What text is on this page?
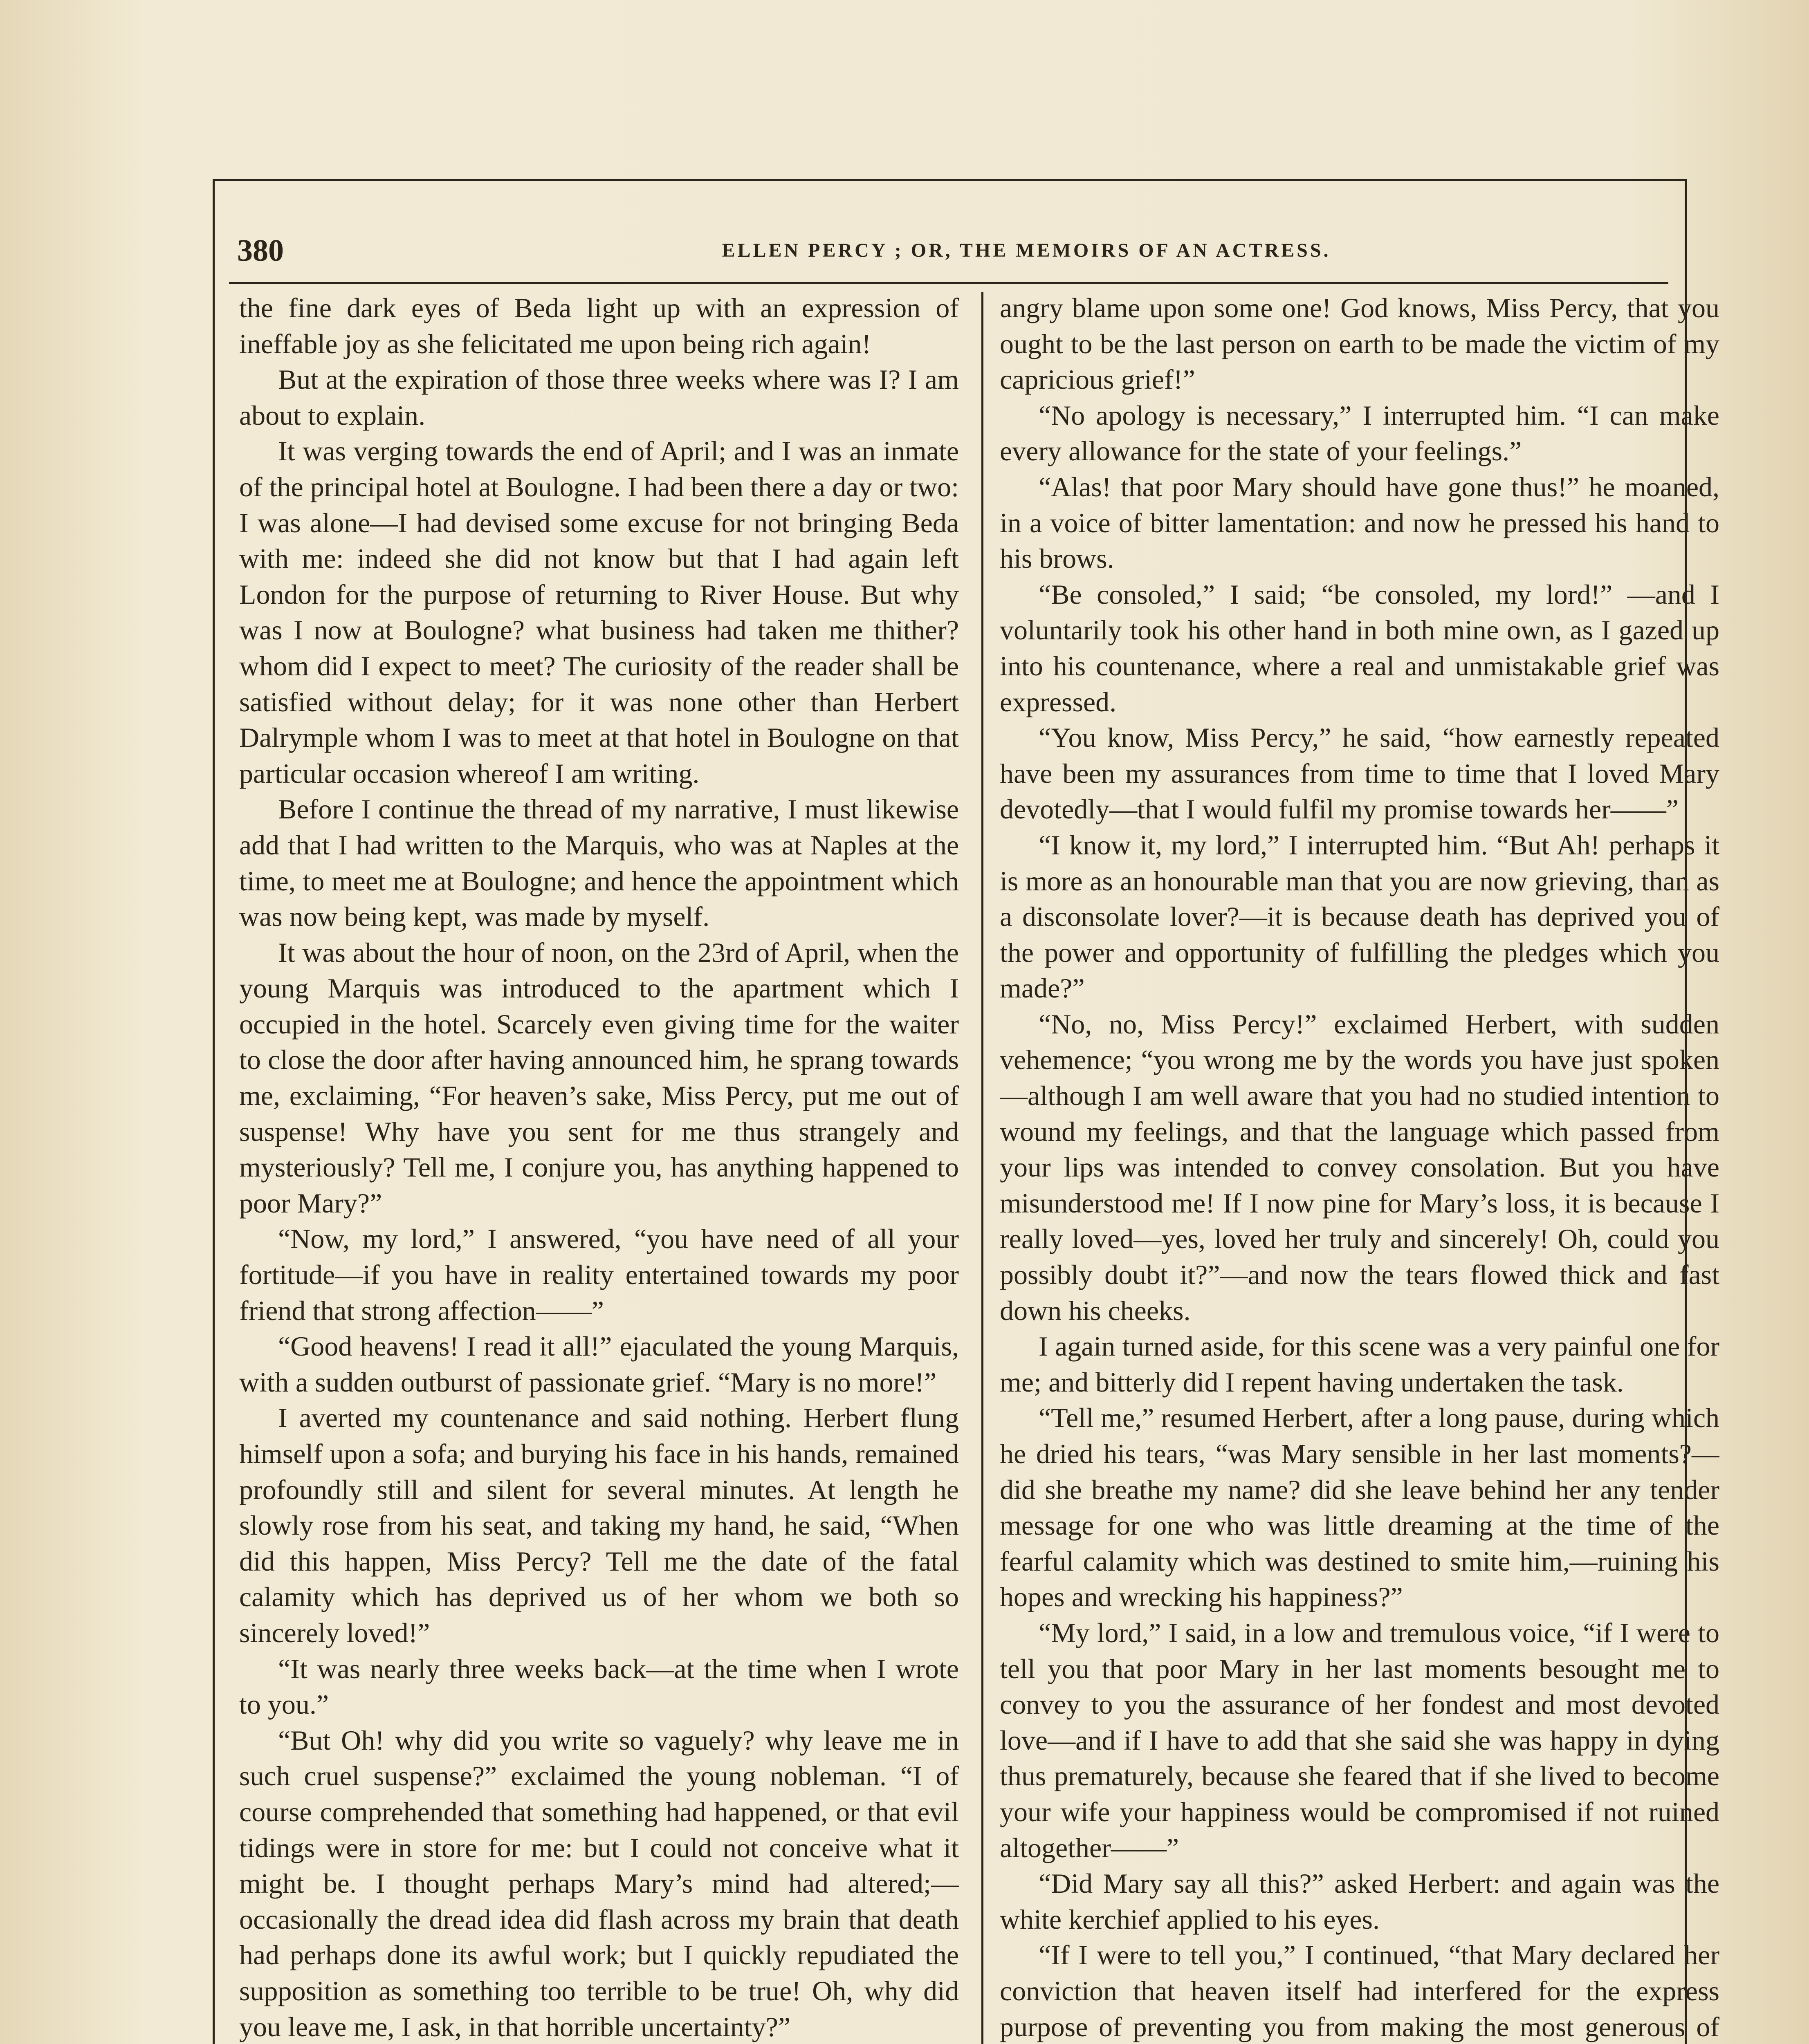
380	ELLEN PERCY ; OR, THE MEMOIRS OF AN ACTRESS.

the fine dark eyes of Beda light up with an expression of ineffable joy as she felicitated me upon being rich again!

But at the expiration of those three weeks where was I? I am about to explain.

It was verging towards the end of April; and I was an inmate of the principal hotel at Boulogne. I had been there a day or two: I was alone—I had devised some excuse for not bringing Beda with me: indeed she did not know but that I had again left London for the purpose of returning to River House. But why was I now at Boulogne? what business had taken me thither? whom did I expect to meet? The curiosity of the reader shall be satisfied without delay; for it was none other than Herbert Dalrymple whom I was to meet at that hotel in Boulogne on that particular occasion whereof I am writing.

Before I continue the thread of my narrative, I must likewise add that I had written to the Marquis, who was at Naples at the time, to meet me at Boulogne; and hence the appointment which was now being kept, was made by myself.

It was about the hour of noon, on the 23rd of April, when the young Marquis was introduced to the apartment which I occupied in the hotel. Scarcely even giving time for the waiter to close the door after having announced him, he sprang towards me, exclaiming, “For heaven’s sake, Miss Percy, put me out of suspense! Why have you sent for me thus strangely and mysteriously? Tell me, I conjure you, has anything happened to poor Mary?”

“Now, my lord,” I answered, “you have need of all your fortitude—if you have in reality entertained towards my poor friend that strong affection——”

“Good heavens! I read it all!” ejaculated the young Marquis, with a sudden outburst of passionate grief. “Mary is no more!”

I averted my countenance and said nothing. Herbert flung himself upon a sofa; and burying his face in his hands, remained profoundly still and silent for several minutes. At length he slowly rose from his seat, and taking my hand, he said, “When did this happen, Miss Percy? Tell me the date of the fatal calamity which has deprived us of her whom we both so sincerely loved!”

“It was nearly three weeks back—at the time when I wrote to you.”

“But Oh! why did you write so vaguely? why leave me in such cruel suspense?” exclaimed the young nobleman. “I of course comprehended that something had happened, or that evil tidings were in store for me: but I could not conceive what it might be. I thought perhaps Mary’s mind had altered;—occasionally the dread idea did flash across my brain that death had perhaps done its awful work; but I quickly repudiated the supposition as something too terrible to be true! Oh, why did you leave me, I ask, in that horrible uncertainty?”

angry blame upon some one! God knows, Miss Percy, that you ought to be the last person on earth to be made the victim of my capricious grief!”

“No apology is necessary,” I interrupted him. “I can make every allowance for the state of your feelings.”

“Alas! that poor Mary should have gone thus!” he moaned, in a voice of bitter lamentation: and now he pressed his hand to his brows.

“Be consoled,” I said; “be consoled, my lord!” —and I voluntarily took his other hand in both mine own, as I gazed up into his countenance, where a real and unmistakable grief was expressed.

“You know, Miss Percy,” he said, “how earnestly repeated have been my assurances from time to time that I loved Mary devotedly—that I would fulfil my promise towards her——”

“I know it, my lord,” I interrupted him. “But Ah! perhaps it is more as an honourable man that you are now grieving, than as a disconsolate lover?—it is because death has deprived you of the power and opportunity of fulfilling the pledges which you made?”

“No, no, Miss Percy!” exclaimed Herbert, with sudden vehemence; “you wrong me by the words you have just spoken—although I am well aware that you had no studied intention to wound my feelings, and that the language which passed from your lips was intended to convey consolation. But you have misunderstood me! If I now pine for Mary’s loss, it is because I really loved—yes, loved her truly and sincerely! Oh, could you possibly doubt it?”—and now the tears flowed thick and fast down his cheeks.

I again turned aside, for this scene was a very painful one for me; and bitterly did I repent having undertaken the task.

“Tell me,” resumed Herbert, after a long pause, during which he dried his tears, “was Mary sensible in her last moments?—did she breathe my name? did she leave behind her any tender message for one who was little dreaming at the time of the fearful calamity which was destined to smite him,—ruining his hopes and wrecking his happiness?”

“My lord,” I said, in a low and tremulous voice, “if I were to tell you that poor Mary in her last moments besought me to convey to you the assurance of her fondest and most devoted love—and if I have to add that she said she was happy in dying thus prematurely, because she feared that if she lived to become your wife your happiness would be compromised if not ruined altogether——”

“Did Mary say all this?” asked Herbert: and again was the white kerchief applied to his eyes.

“If I were to tell you,” I continued, “that Mary declared her conviction that heaven itself had interfered for the express purpose of preventing you from making the most generous of
